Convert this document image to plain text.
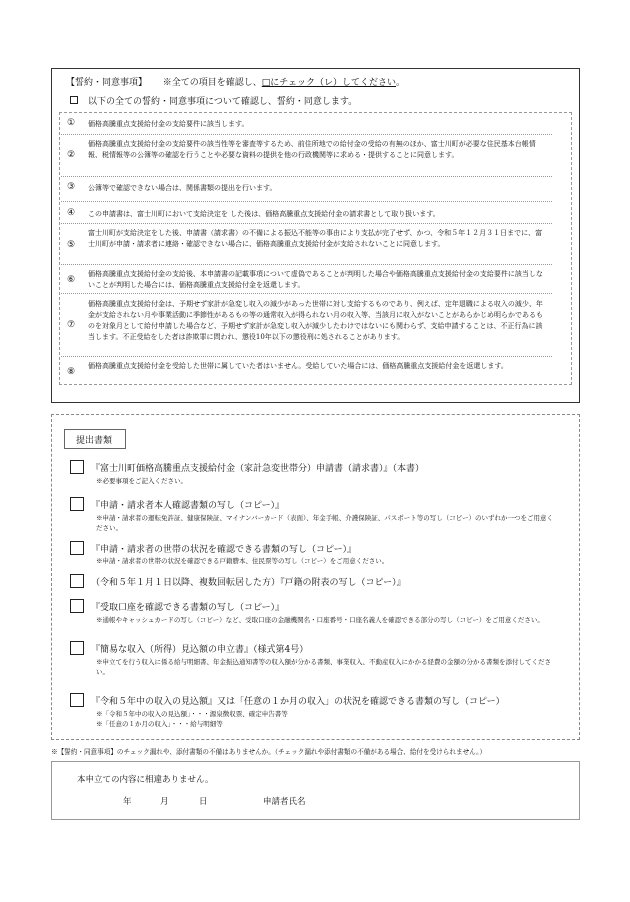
【誓約・同意事項】 ※全ての項目を確認し、□にチェック（レ）してください。
以下の全ての誓約・同意事項について確認し、誓約・同意します。
① 価格高騰重点支援給付金の支給要件に該当します。
②
価格高騰重点支援給付金の支給要件の該当性等を審査等するため、前住所地での給付金の受給の有無のほか、富士川町が必要な住民基本台帳情報、税情報等の公簿等の確認を行うことや必要な資料の提供を他の行政機関等に求める・提供することに同意します。
③ 公簿等で確認できない場合は、関係書類の提出を行います。
④ この申請書は、富士川町において支給決定を した後は、価格高騰重点支援給付金の請求書として取り扱います。
⑤
富士川町が支給決定をした後、申請書（請求書）の不備による振込不能等の事由により支払が完了せず、かつ、令和５年１２月３１日までに、富士川町が申請・請求者に連絡・確認できない場合に、価格高騰重点支援給付金が支給されないことに同意します。
⑥
価格高騰重点支援給付金の支給後、本申請書の記載事項について虚偽であることが判明した場合や価格高騰重点支援給付金の支給要件に該当しないことが判明した場合には、価格高騰重点支援給付金を返還します。
⑦
価格高騰重点支援給付金は、予期せず家計が急変し収入の減少があった世帯に対し支給するものであり、例えば、定年退職による収入の減少、年金が支給されない月や事業活動に季節性があるもの等の通常収入が得られない月の収入等、当該月に収入がないことがあらかじめ明らかであるものを対象月として給付申請した場合など、予期せず家計が急変し収入が減少したわけではないにも関わらず、支給申請することは、不正行為に該当します。不正受給をした者は詐欺罪に問われ、懲役10年以下の懲役刑に処されることがあります。
⑧
価格高騰重点支援給付金を受給した世帯に属していた者はいません。受給していた場合には、価格高騰重点支援給付金を返還します。
提出書類
『富士川町価格高騰重点支援給付金（家計急変世帯分）申請書（請求書）』（本書）
※必要事項をご記入ください。
『申請・請求者本人確認書類の写し（コピー）』
※申請・請求者の運転免許証、健康保険証、マイナンバーカード（表面）、年金手帳、介護保険証、パスポート等の写し（コピー）のいずれか一つをご用意ください。
『申請・請求者の世帯の状況を確認できる書類の写し（コピー）』
※申請・請求者の世帯の状況を確認できる戸籍謄本、住民票等の写し（コピー）をご用意ください。
（令和５年１月１日以降、複数回転居した方）『戸籍の附表の写し（コピー）』
『受取口座を確認できる書類の写し（コピー）』
※通帳やキャッシュカードの写し（コピー）など、受取口座の金融機関名・口座番号・口座名義人を確認できる部分の写し（コピー）をご用意ください。
『簡易な収入（所得）見込額の申立書』（様式第4号）
※申立てを行う収入に係る給与明細書、年金振込通知書等の収入額が分かる書類、事業収入、不動産収入にかかる経費の金額の分かる書類を添付してください。
『令和５年中の収入の見込額』又は「任意の１か月の収入」の状況を確認できる書類の写し（コピー）
※「令和５年中の収入の見込額」・・・源泉徴収票、確定申告書等
※「任意の１か月の収入」・・・給与明細等
※【誓約・同意事項】のチェック漏れや、添付書類の不備はありませんか。（チェック漏れや添付書類の不備がある場合、給付を受けられません。）
本申立ての内容に相違ありません。
年	月	日	申請者氏名
